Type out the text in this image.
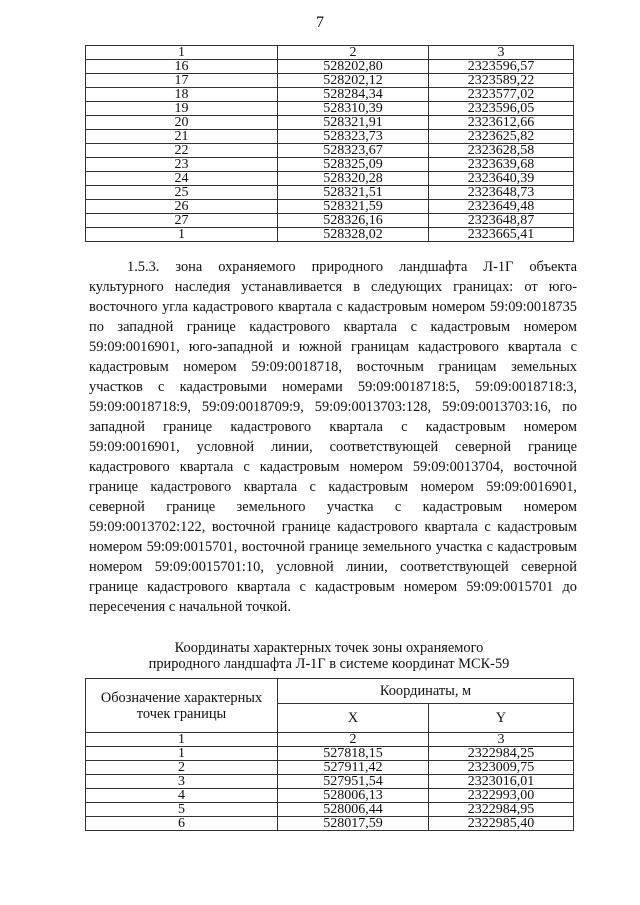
7
1	2	3
16	528202,80	2323596,57
17	528202,12	2323589,22
18	528284,34	2323577,02
19	528310,39	2323596,05
20	528321,91	2323612,66
21	528323,73	2323625,82
22	528323,67	2323628,58
23	528325,09	2323639,68
24	528320,28	2323640,39
25	528321,51	2323648,73
26	528321,59	2323649,48
27	528326,16	2323648,87
1	528328,02	2323665,41

1.5.3. зона охраняемого природного ландшафта Л-1Г объекта культурного наследия устанавливается в следующих границах: от юго-восточного угла кадастрового квартала с кадастровым номером 59:09:0018735 по западной границе кадастрового квартала с кадастровым номером 59:09:0016901, юго-западной и южной границам кадастрового квартала с кадастровым номером 59:09:0018718, восточным границам земельных участков с кадастровыми номерами 59:09:0018718:5, 59:09:0018718:3, 59:09:0018718:9, 59:09:0018709:9, 59:09:0013703:128, 59:09:0013703:16, по западной границе кадастрового квартала с кадастровым номером 59:09:0016901, условной линии, соответствующей северной границе кадастрового квартала с кадастровым номером 59:09:0013704, восточной границе кадастрового квартала с кадастровым номером 59:09:0016901, северной границе земельного участка с кадастровым номером 59:09:0013702:122, восточной границе кадастрового квартала с кадастровым номером 59:09:0015701, восточной границе земельного участка с кадастровым номером 59:09:0015701:10, условной линии, соответствующей северной границе кадастрового квартала с кадастровым номером 59:09:0015701 до пересечения с начальной точкой.

Координаты характерных точек зоны охраняемого
природного ландшафта Л-1Г в системе координат МСК-59
Обозначение характерных точек границы	Координаты, м	
	X	Y
1	2	3
1	527818,15	2322984,25
2	527911,42	2323009,75
3	527951,54	2323016,01
4	528006,13	2322993,00
5	528006,44	2322984,95
6	528017,59	2322985,40
